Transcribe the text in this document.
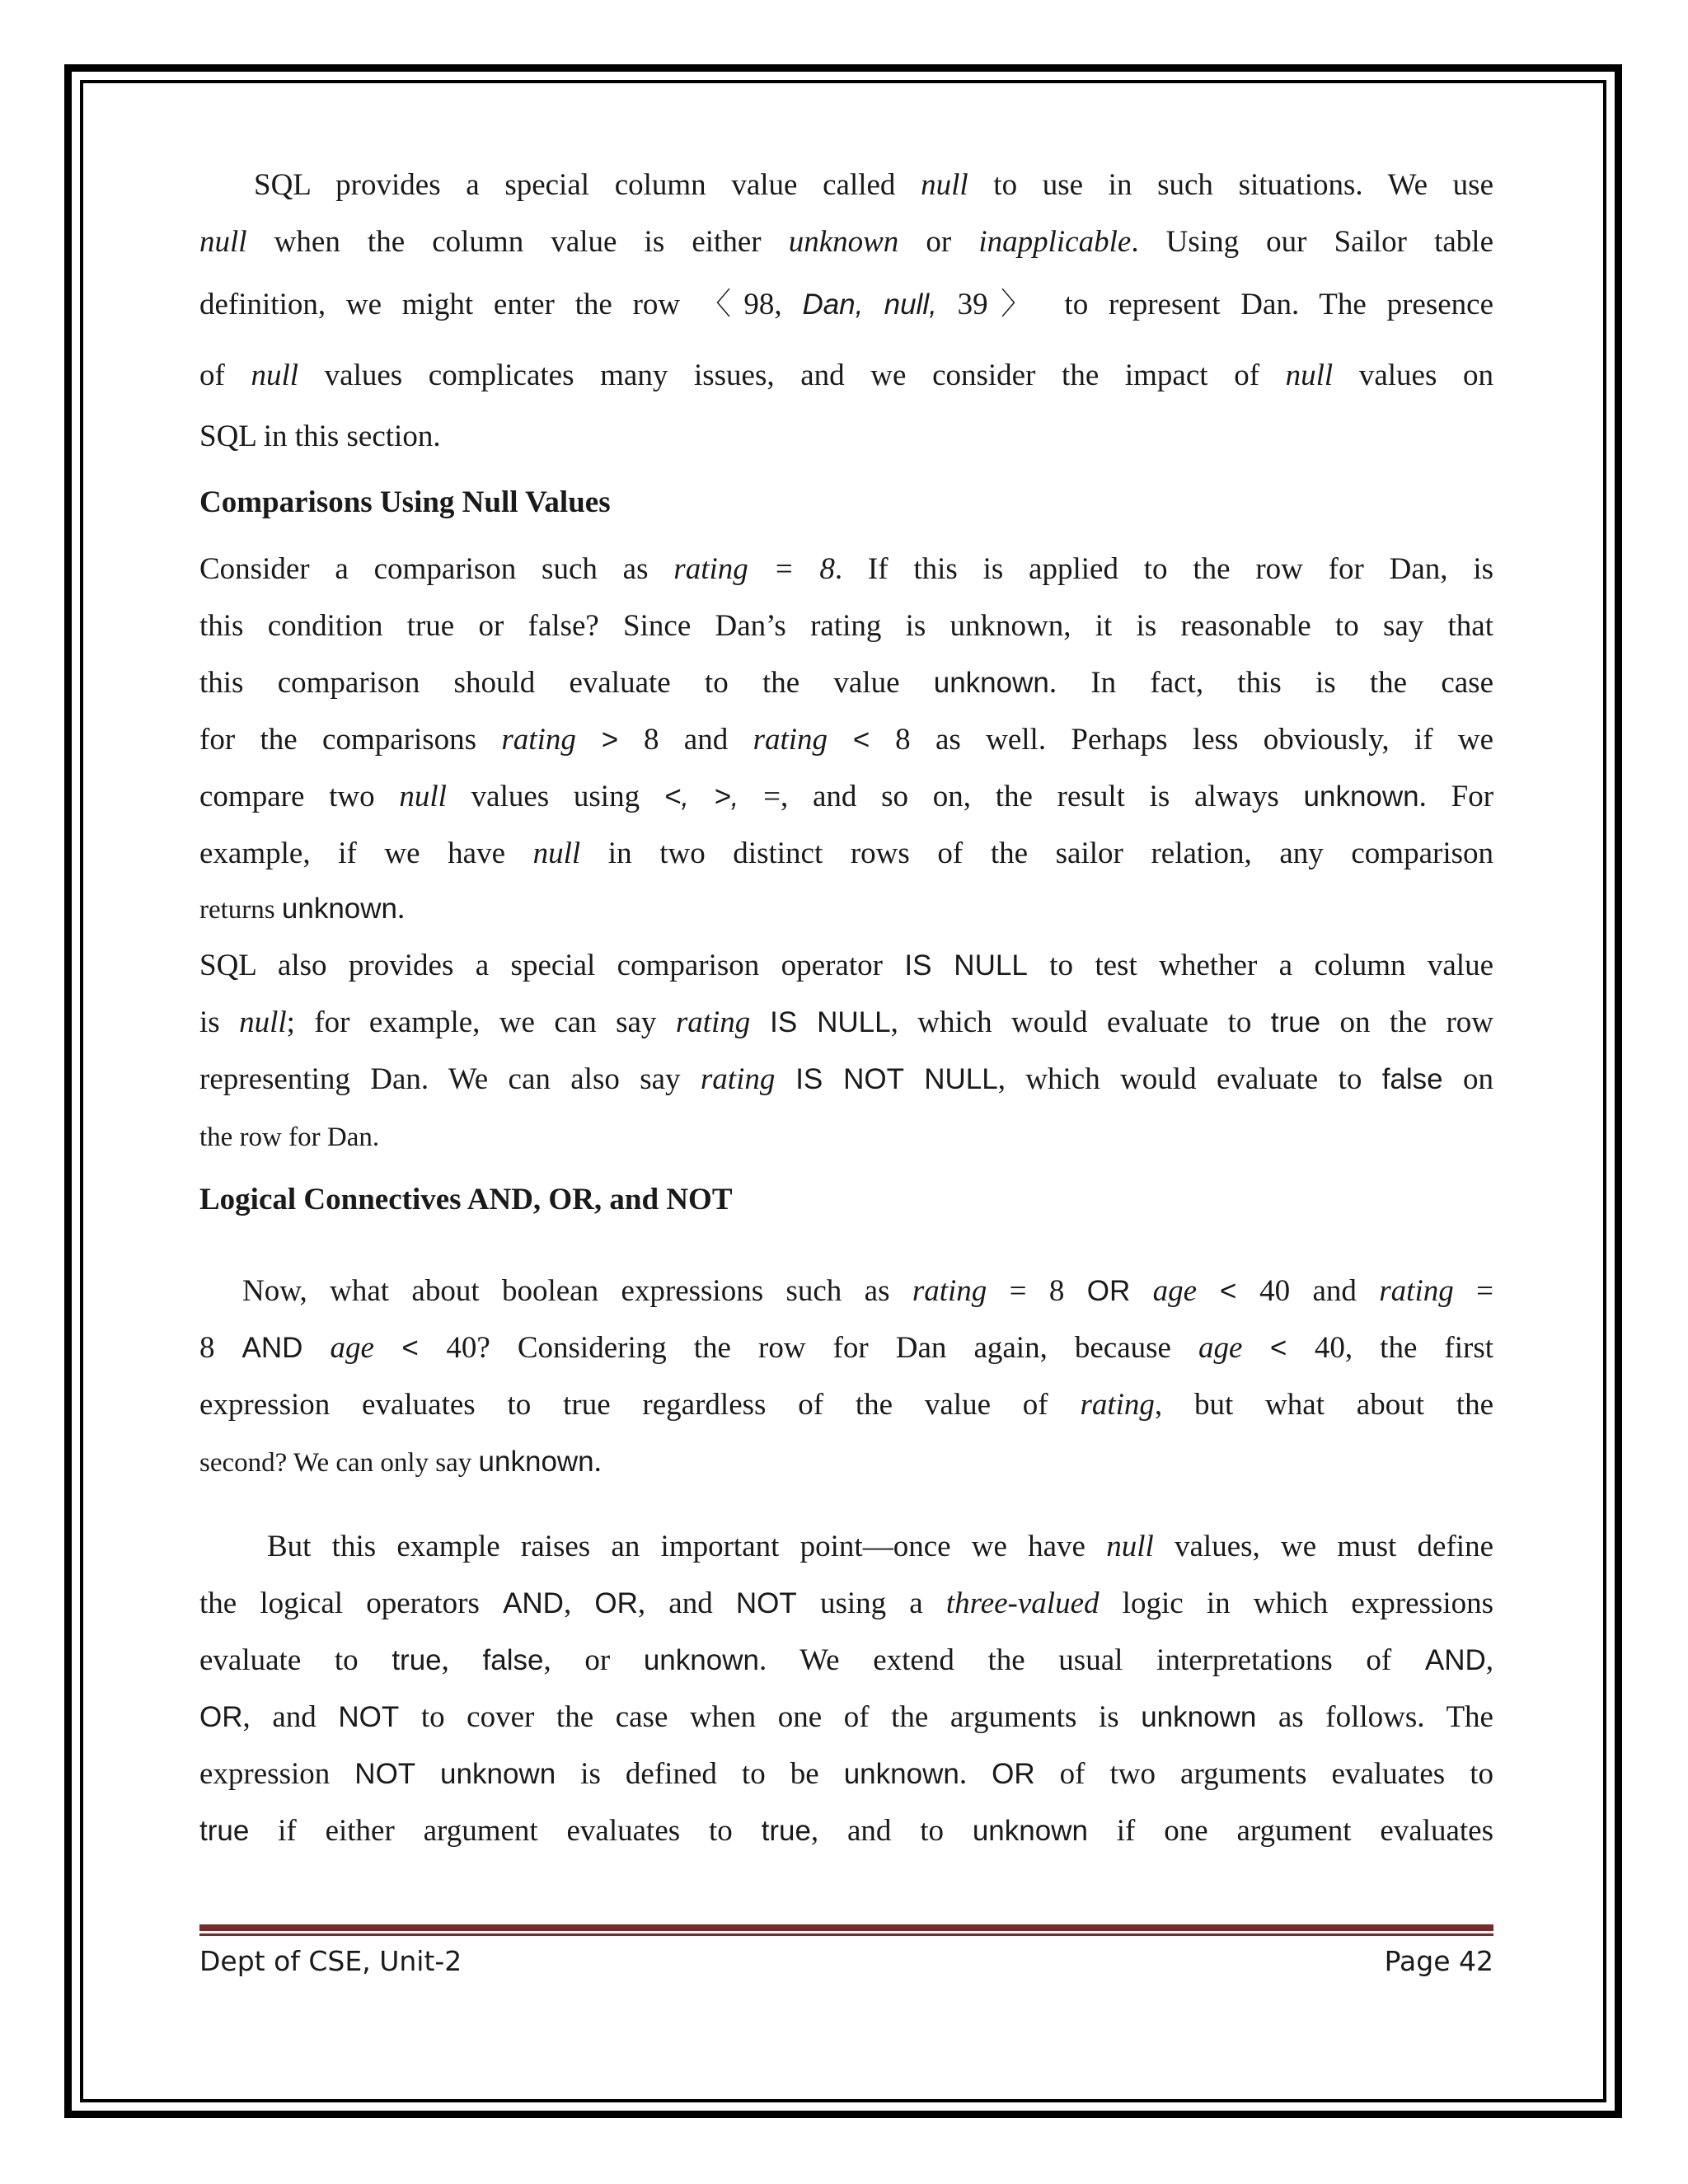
SQL provides a special column value called null to use in such situations. We use
null when the column value is either unknown or inapplicable. Using our Sailor table
definition, we might enter the row 〈98, Dan, null, 39〉 to represent Dan. The presence
of null values complicates many issues, and we consider the impact of null values on
SQL in this section.
Comparisons Using Null Values
Consider a comparison such as rating = 8. If this is applied to the row for Dan, is
this condition true or false? Since Dan’s rating is unknown, it is reasonable to say that
this comparison should evaluate to the value unknown. In fact, this is the case
for the comparisons rating > 8 and rating < 8 as well. Perhaps less obviously, if we
compare two null values using <, >, =, and so on, the result is always unknown. For
example, if we have null in two distinct rows of the sailor relation, any comparison
returns unknown.
SQL also provides a special comparison operator IS NULL to test whether a column value
is null; for example, we can say rating IS NULL, which would evaluate to true on the row
representing Dan. We can also say rating IS NOT NULL, which would evaluate to false on
the row for Dan.
Logical Connectives AND, OR, and NOT
Now, what about boolean expressions such as rating = 8 OR age < 40 and rating =
8 AND age < 40? Considering the row for Dan again, because age < 40, the first
expression evaluates to true regardless of the value of rating, but what about the
second? We can only say unknown.
But this example raises an important point—once we have null values, we must define
the logical operators AND, OR, and NOT using a three-valued logic in which expressions
evaluate to true, false, or unknown. We extend the usual interpretations of AND,
OR, and NOT to cover the case when one of the arguments is unknown as follows. The
expression NOT unknown is defined to be unknown. OR of two arguments evaluates to
true if either argument evaluates to true, and to unknown if one argument evaluates
Dept of CSE, Unit-2	Page 42
